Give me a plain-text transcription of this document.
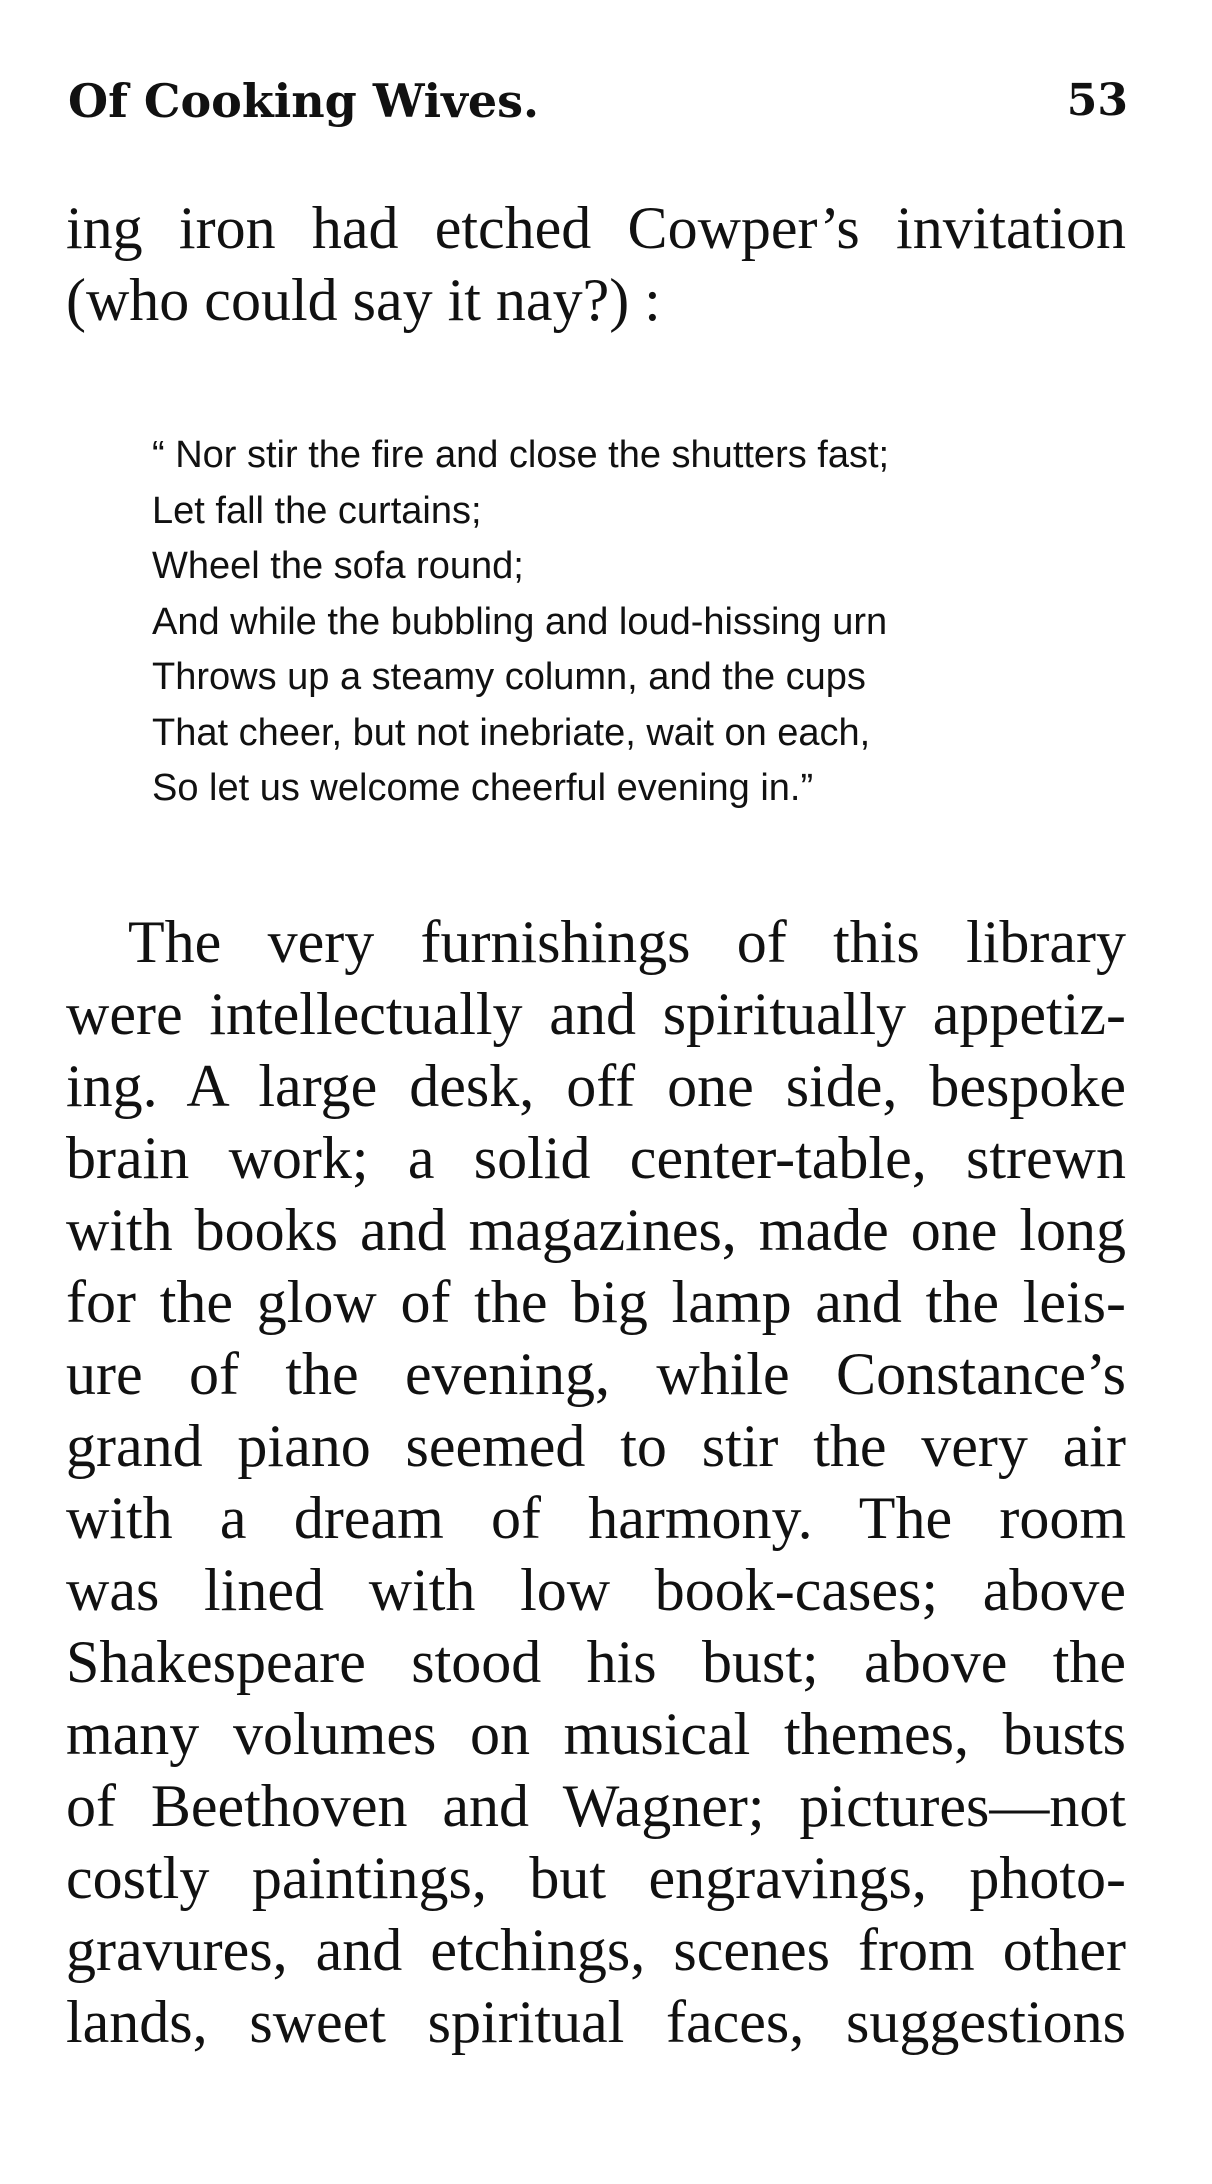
Of Cooking Wives.	53
ing iron had etched Cowper’s invitation
(who could say it nay?) :
“ Nor stir the fire and close the shutters fast;
Let fall the curtains;
Wheel the sofa round;
And while the bubbling and loud-hissing urn
Throws up a steamy column, and the cups
That cheer, but not inebriate, wait on each,
So let us welcome cheerful evening in.”
The very furnishings of this library
were intellectually and spiritually appetiz-
ing. A large desk, off one side, bespoke
brain work; a solid center-table, strewn
with books and magazines, made one long
for the glow of the big lamp and the leis-
ure of the evening, while Constance’s
grand piano seemed to stir the very air
with a dream of harmony. The room
was lined with low book-cases; above
Shakespeare stood his bust; above the
many volumes on musical themes, busts
of Beethoven and Wagner; pictures—not
costly paintings, but engravings, photo-
gravures, and etchings, scenes from other
lands, sweet spiritual faces, suggestions
